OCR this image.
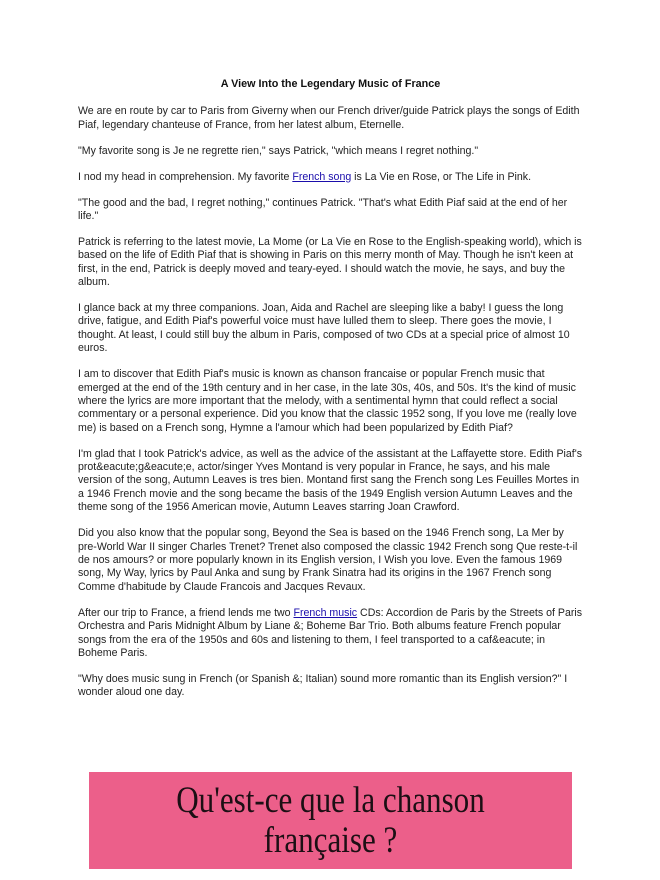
A View Into the Legendary Music of France

We are en route by car to Paris from Giverny when our French driver/guide Patrick plays the songs of Edith Piaf, legendary chanteuse of France, from her latest album, Eternelle.

"My favorite song is Je ne regrette rien," says Patrick, "which means I regret nothing."

I nod my head in comprehension. My favorite French song is La Vie en Rose, or The Life in Pink.

"The good and the bad, I regret nothing," continues Patrick. "That's what Edith Piaf said at the end of her life."

Patrick is referring to the latest movie, La Mome (or La Vie en Rose to the English-speaking world), which is based on the life of Edith Piaf that is showing in Paris on this merry month of May. Though he isn't keen at first, in the end, Patrick is deeply moved and teary-eyed. I should watch the movie, he says, and buy the album.

I glance back at my three companions. Joan, Aida and Rachel are sleeping like a baby! I guess the long drive, fatigue, and Edith Piaf's powerful voice must have lulled them to sleep. There goes the movie, I thought. At least, I could still buy the album in Paris, composed of two CDs at a special price of almost 10 euros.

I am to discover that Edith Piaf's music is known as chanson francaise or popular French music that emerged at the end of the 19th century and in her case, in the late 30s, 40s, and 50s. It's the kind of music where the lyrics are more important that the melody, with a sentimental hymn that could reflect a social commentary or a personal experience. Did you know that the classic 1952 song, If you love me (really love me) is based on a French song, Hymne a l'amour which had been popularized by Edith Piaf?

I'm glad that I took Patrick's advice, as well as the advice of the assistant at the Laffayette store. Edith Piaf's prot&eacute;g&eacute;e, actor/singer Yves Montand is very popular in France, he says, and his male version of the song, Autumn Leaves is tres bien. Montand first sang the French song Les Feuilles Mortes in a 1946 French movie and the song became the basis of the 1949 English version Autumn Leaves and the theme song of the 1956 American movie, Autumn Leaves starring Joan Crawford.

Did you also know that the popular song, Beyond the Sea is based on the 1946 French song, La Mer by pre-World War II singer Charles Trenet? Trenet also composed the classic 1942 French song Que reste-t-il de nos amours? or more popularly known in its English version, I Wish you love. Even the famous 1969 song, My Way, lyrics by Paul Anka and sung by Frank Sinatra had its origins in the 1967 French song Comme d'habitude by Claude Francois and Jacques Revaux.

After our trip to France, a friend lends me two French music CDs: Accordion de Paris by the Streets of Paris Orchestra and Paris Midnight Album by Liane &; Boheme Bar Trio. Both albums feature French popular songs from the era of the 1950s and 60s and listening to them, I feel transported to a caf&eacute; in Boheme Paris.

"Why does music sung in French (or Spanish &; Italian) sound more romantic than its English version?" I wonder aloud one day.

Qu'est-ce que la chanson française ?
